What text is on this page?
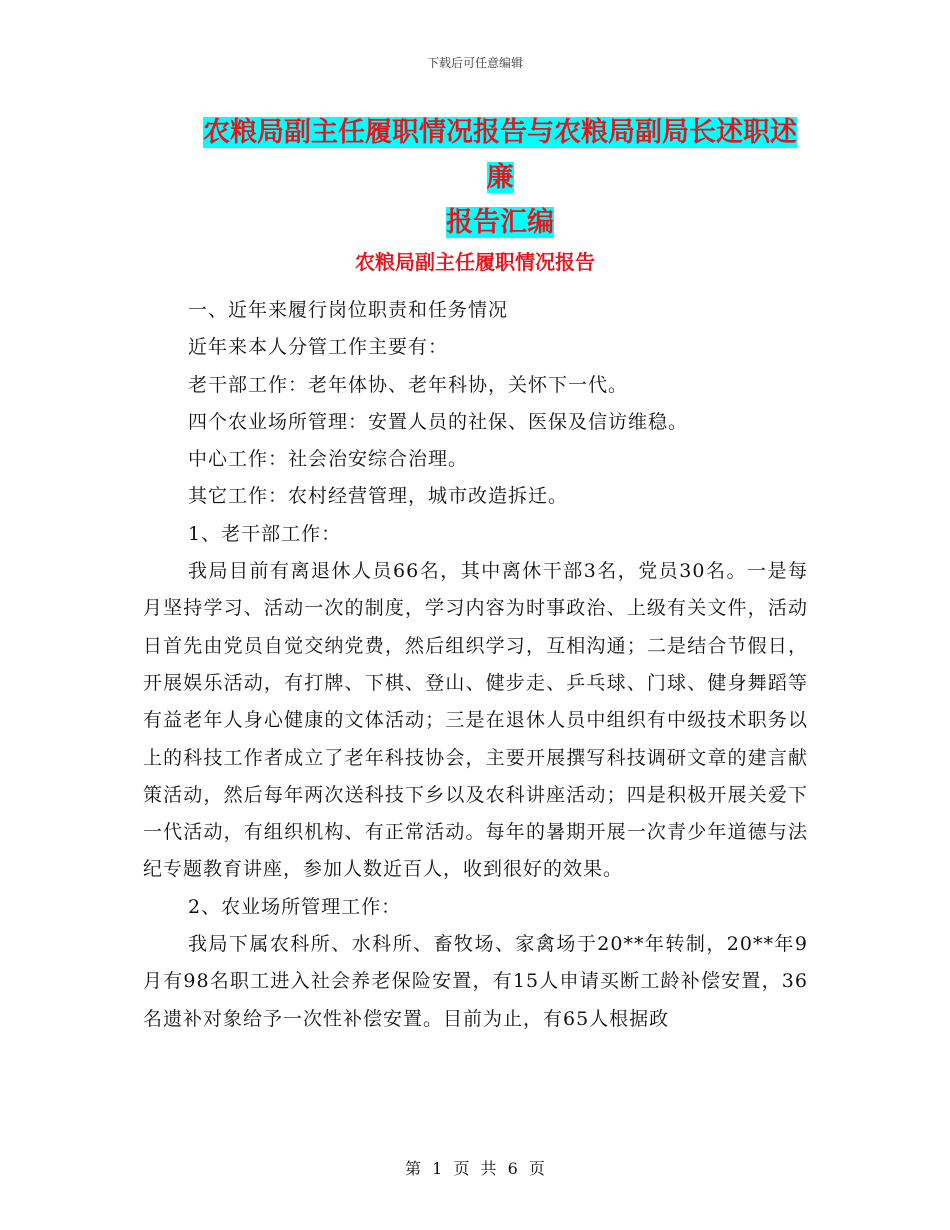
下载后可任意编辑
农粮局副主任履职情况报告与农粮局副局长述职述廉
报告汇编
农粮局副主任履职情况报告

一、近年来履行岗位职责和任务情况

近年来本人分管工作主要有：

老干部工作：老年体协、老年科协，关怀下一代。

四个农业场所管理：安置人员的社保、医保及信访维稳。

中心工作：社会治安综合治理。

其它工作：农村经营管理，城市改造拆迁。

1、老干部工作：

我局目前有离退休人员66名，其中离休干部3名，党员30名。一是每月坚持学习、活动一次的制度，学习内容为时事政治、上级有关文件，活动日首先由党员自觉交纳党费，然后组织学习，互相沟通；二是结合节假日，开展娱乐活动，有打牌、下棋、登山、健步走、乒乓球、门球、健身舞蹈等有益老年人身心健康的文体活动；三是在退休人员中组织有中级技术职务以上的科技工作者成立了老年科技协会，主要开展撰写科技调研文章的建言献策活动，然后每年两次送科技下乡以及农科讲座活动；四是积极开展关爱下一代活动，有组织机构、有正常活动。每年的暑期开展一次青少年道德与法纪专题教育讲座，参加人数近百人，收到很好的效果。

2、农业场所管理工作：

我局下属农科所、水科所、畜牧场、家禽场于20**年转制，20**年9月有98名职工进入社会养老保险安置，有15人申请买断工龄补偿安置，36名遗补对象给予一次性补偿安置。目前为止，有65人根据政

第 1 页 共 6 页
